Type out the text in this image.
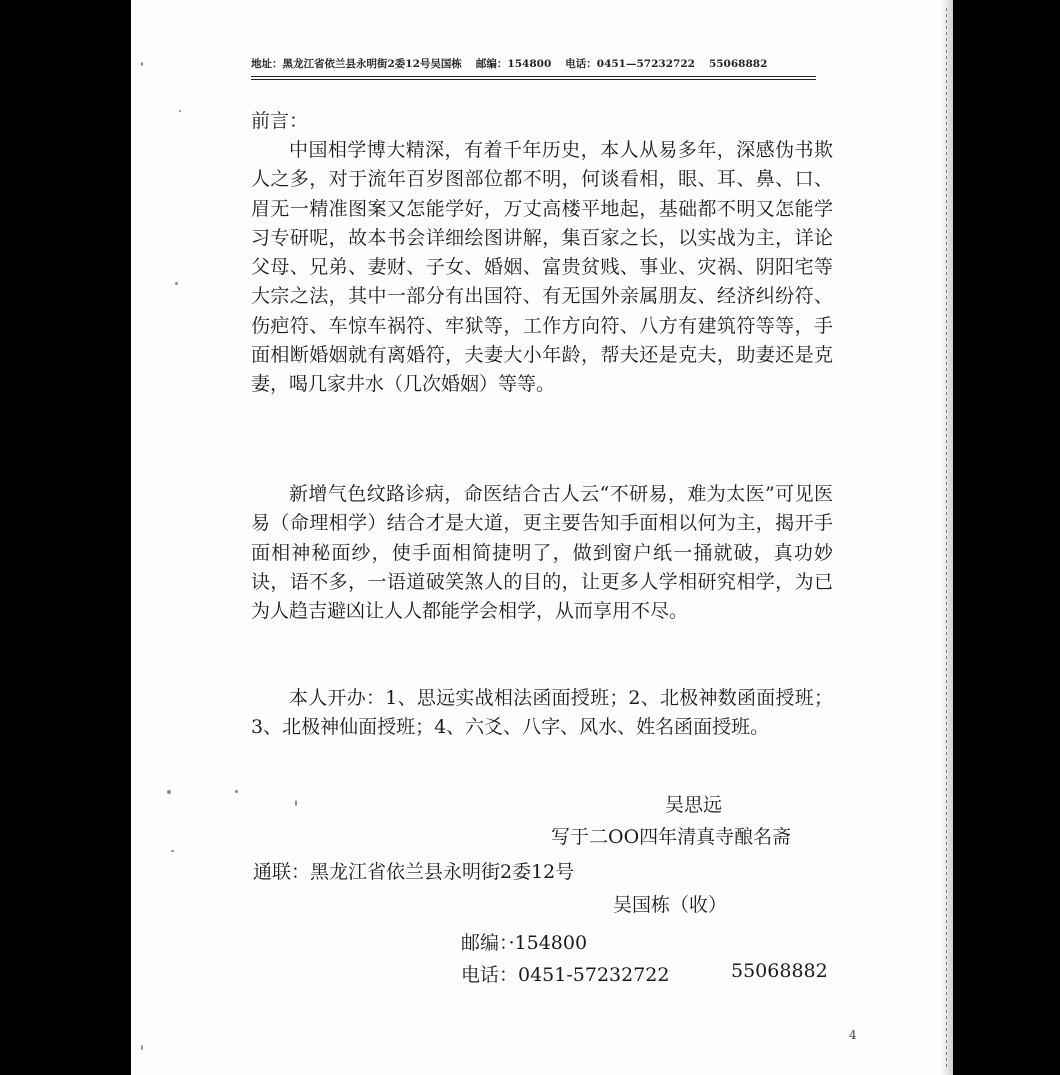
地址：黑龙江省依兰县永明街2委12号吴国栋 邮编：154800 电话：0451—57232722 55068882
前言：

中国相学博大精深，有着千年历史，本人从易多年，深感伪书欺人之多，对于流年百岁图部位都不明，何谈看相，眼、耳、鼻、口、眉无一精准图案又怎能学好，万丈高楼平地起，基础都不明又怎能学习专研呢，故本书会详细绘图讲解，集百家之长，以实战为主，详论父母、兄弟、妻财、子女、婚姻、富贵贫贱、事业、灾祸、阴阳宅等大宗之法，其中一部分有出国符、有无国外亲属朋友、经济纠纷符、伤疤符、车惊车祸符、牢狱等，工作方向符、八方有建筑符等等，手面相断婚姻就有离婚符，夫妻大小年龄，帮夫还是克夫，助妻还是克妻，喝几家井水（几次婚姻）等等。

新增气色纹路诊病，命医结合古人云“不研易，难为太医”可见医易（命理相学）结合才是大道，更主要告知手面相以何为主，揭开手面相神秘面纱，使手面相简捷明了，做到窗户纸一捅就破，真功妙诀，语不多，一语道破笑煞人的目的，让更多人学相研究相学，为已为人趋吉避凶让人人都能学会相学，从而享用不尽。

本人开办：1、思远实战相法函面授班；2、北极神数函面授班；3、北极神仙面授班；4、六爻、八字、风水、姓名函面授班。

吴思远
写于二OO四年清真寺酿名斋
通联：黑龙江省依兰县永明街2委12号
吴国栋（收）
邮编：·154800
电话：0451-57232722	55068882
4
